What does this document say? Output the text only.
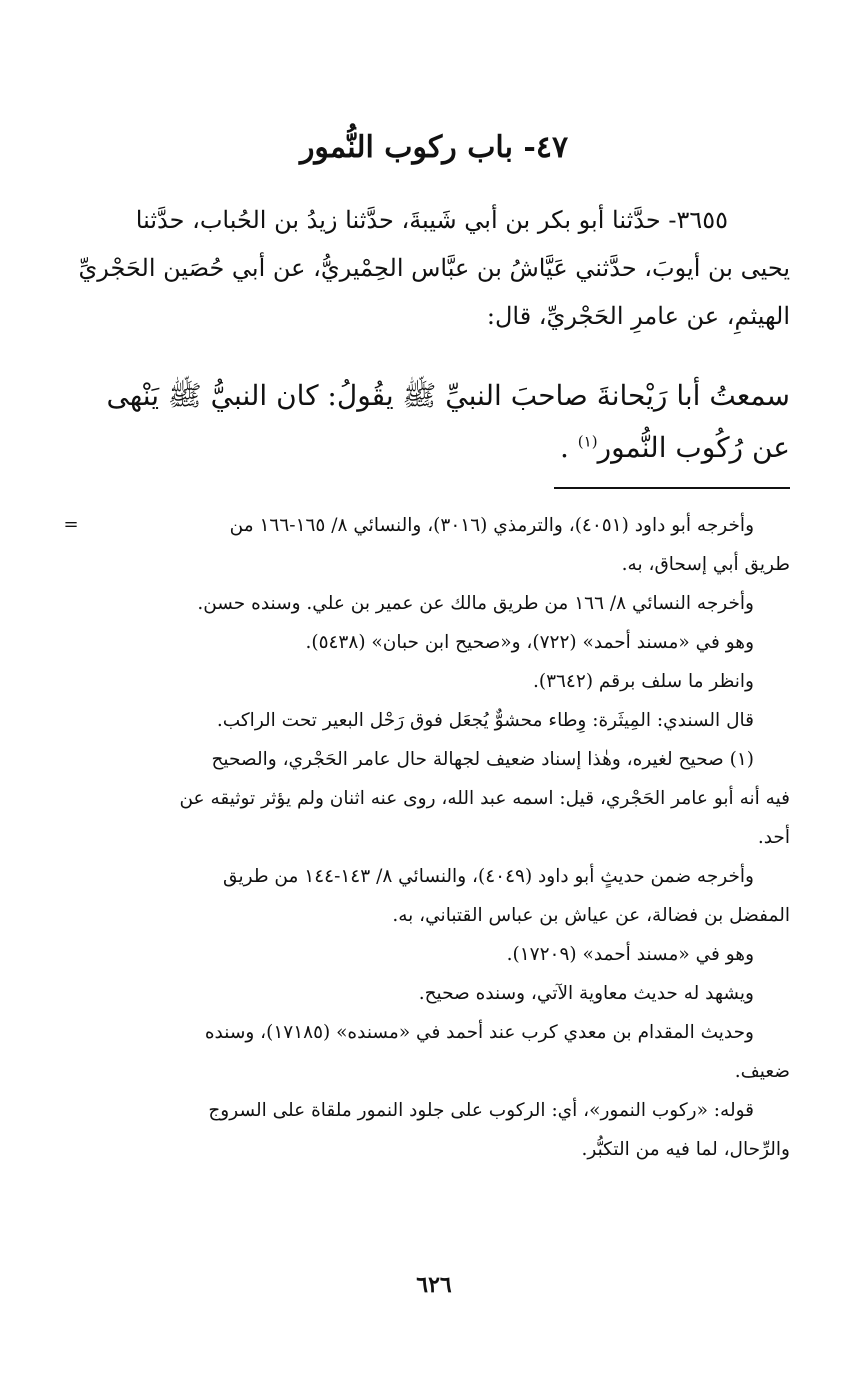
٤٧- باب ركوب النُّمور

٣٦٥٥- حدَّثنا أبو بكر بن أبي شَيبةَ، حدَّثنا زيدُ بن الحُباب، حدَّثنا

يحيى بن أيوبَ، حدَّثني عَيَّاشُ بن عبَّاس الحِمْيريُّ، عن أبي حُصَين الحَجْريِّ

الهيثمِ، عن عامرِ الحَجْريِّ، قال:

سمعتُ أبا رَيْحانةَ صاحبَ النبيِّ ﷺ يقُولُ: كان النبيُّ ﷺ يَنْهى

عن رُكُوب النُّمور$^{(١)}$ .

=	وأخرجه أبو داود (٤٠٥١)، والترمذي (٣٠١٦)، والنسائي ٨/ ١٦٥-١٦٦ من

طريق أبي إسحاق، به.

وأخرجه النسائي ٨/ ١٦٦ من طريق مالك عن عمير بن علي. وسنده حسن.

وهو في «مسند أحمد» (٧٢٢)، و«صحيح ابن حبان» (٥٤٣٨).

وانظر ما سلف برقم (٣٦٤٢).

قال السندي: المِيثَرة: وِطاء محشوٌّ يُجعَل فوق رَحْل البعير تحت الراكب.

(١) صحيح لغيره، وهٰذا إسناد ضعيف لجهالة حال عامر الحَجْري، والصحيح

فيه أنه أبو عامر الحَجْري، قيل: اسمه عبد الله، روى عنه اثنان ولم يؤثر توثيقه عن

أحد.

وأخرجه ضمن حديثٍ أبو داود (٤٠٤٩)، والنسائي ٨/ ١٤٣-١٤٤ من طريق

المفضل بن فضالة، عن عياش بن عباس القتباني، به.

وهو في «مسند أحمد» (١٧٢٠٩).

ويشهد له حديث معاوية الآتي، وسنده صحيح.

وحديث المقدام بن معدي كرب عند أحمد في «مسنده» (١٧١٨٥)، وسنده

ضعيف.

قوله: «ركوب النمور»، أي: الركوب على جلود النمور ملقاة على السروج

والرِّحال، لما فيه من التكبُّر.

٦٢٦
